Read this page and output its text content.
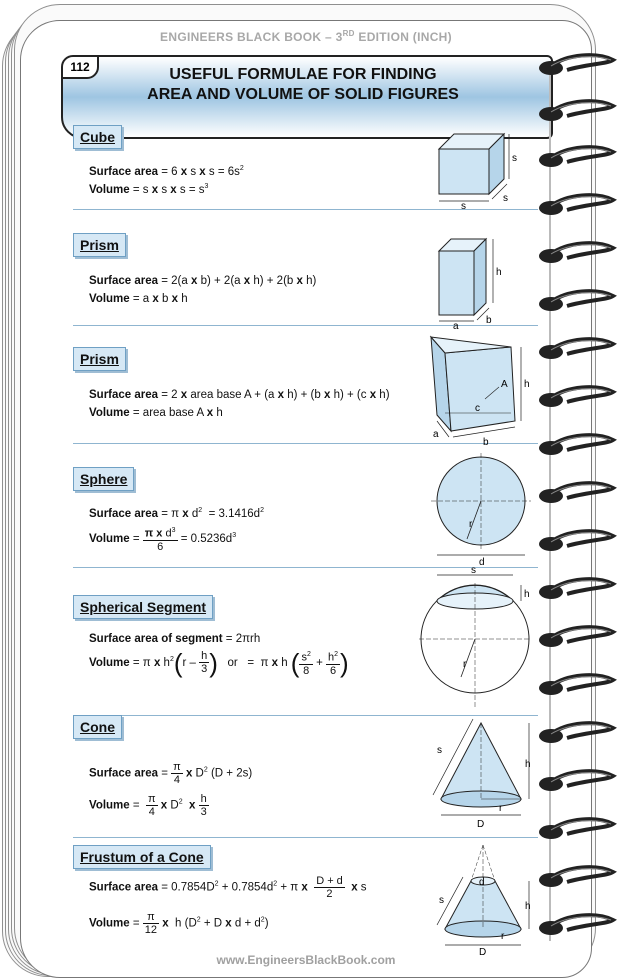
ENGINEERS BLACK BOOK – 3RD EDITION (INCH)
112	USEFUL FORMULAE FOR FINDING
AREA AND VOLUME OF SOLID FIGURES
Cube
Surface area = 6 x s x $s = 6s^2$
Volume = s x s x $s = s^3$
s
s
s
Prism
Surface area = 2(a x b) + 2(a x h) + 2(b x h)
Volume = a x b x h
h
a
b
Prism
Surface area = 2 x area base A + (a x h) + (b x h) + (c x h)
Volume = area base A x h
A
c
h
a
b
Sphere
Surface area = π x $d^2 = 3.1416d^2$
Volume = $\frac{\pi x d^3}{6} = 0.5236d^3$
r
d
Spherical Segment
Surface area of segment = 2πrh
Volume = π x $h^2(r - \frac{h}{3}$ ) or   =  π x h ( $\frac{s^2}{8} + \frac{h^2}{6}$ )
s
h
r
Cone
Surface area = $\frac{\pi}{4}$ x $D^2$ (D + 2s)
Volume = $\frac{\pi}{4}$ x $D^2$ x $\frac{h}{3}$
s
h
r
D
Frustum of a Cone
Surface area = $0.7854D^2 + 0.7854d^2 + \pi$ x $\frac{D + d}{2}$ x s
Volume = $\frac{\pi}{12}$ x  h ($D^2 + D$ x $d + d^2$)
d
s
h
r
D
www.EngineersBlackBook.com
